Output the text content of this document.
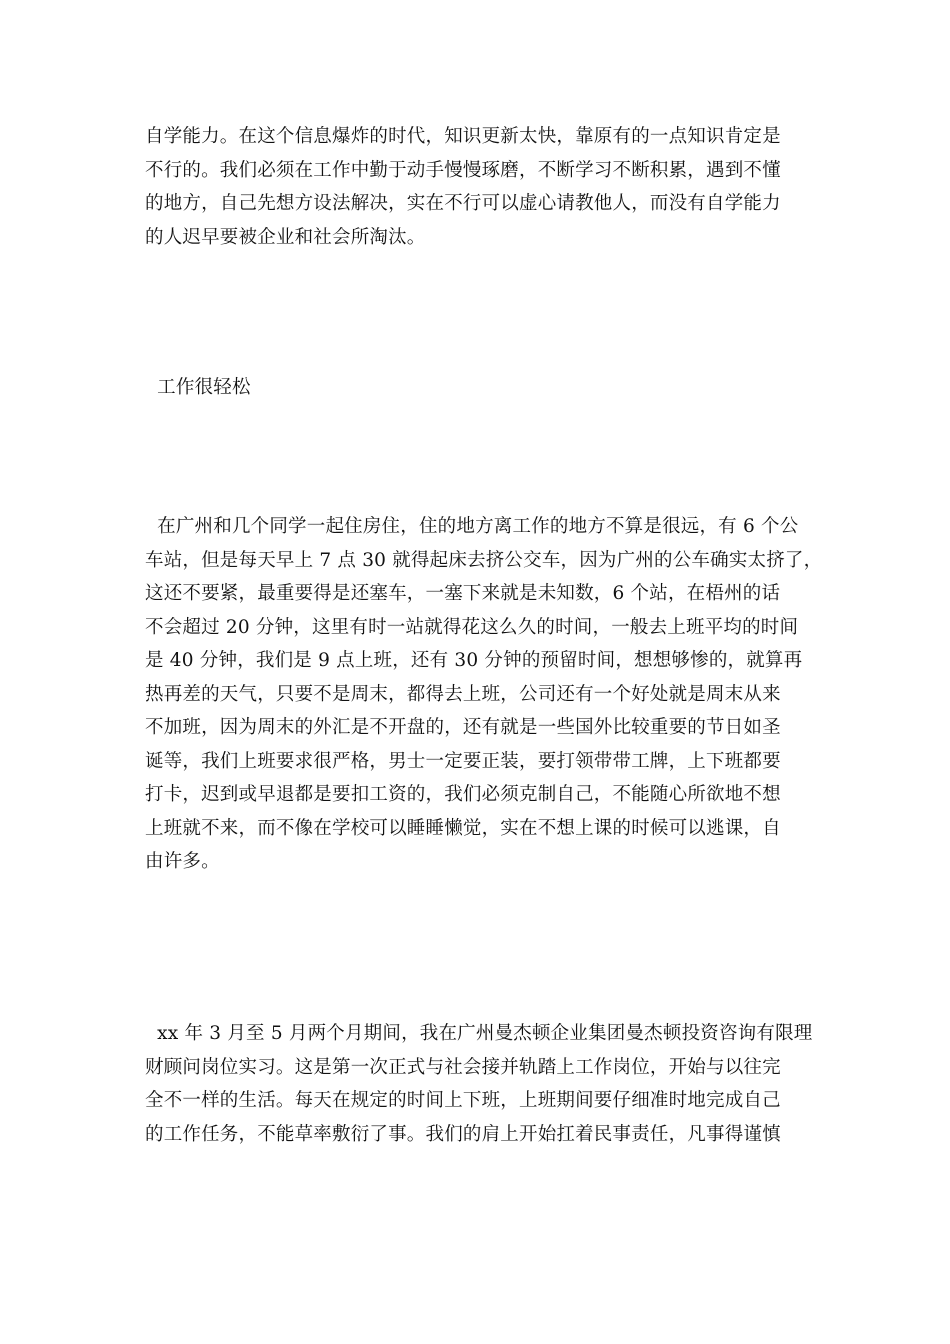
自学能力。在这个信息爆炸的时代，知识更新太快，靠原有的一点知识肯定是
不行的。我们必须在工作中勤于动手慢慢琢磨，不断学习不断积累，遇到不懂
的地方，自己先想方设法解决，实在不行可以虚心请教他人，而没有自学能力
的人迟早要被企业和社会所淘汰。
工作很轻松
在广州和几个同学一起住房住，住的地方离工作的地方不算是很远，有 6 个公
车站，但是每天早上 7 点 30 就得起床去挤公交车，因为广州的公车确实太挤了，
这还不要紧，最重要得是还塞车，一塞下来就是未知数，6 个站，在梧州的话
不会超过 20 分钟，这里有时一站就得花这么久的时间，一般去上班平均的时间
是 40 分钟，我们是 9 点上班，还有 30 分钟的预留时间，想想够惨的，就算再
热再差的天气，只要不是周末，都得去上班，公司还有一个好处就是周末从来
不加班，因为周末的外汇是不开盘的，还有就是一些国外比较重要的节日如圣
诞等，我们上班要求很严格，男士一定要正装，要打领带带工牌，上下班都要
打卡，迟到或早退都是要扣工资的，我们必须克制自己，不能随心所欲地不想
上班就不来，而不像在学校可以睡睡懒觉，实在不想上课的时候可以逃课，自
由许多。
xx 年 3 月至 5 月两个月期间，我在广州曼杰顿企业集团曼杰顿投资咨询有限理
财顾问岗位实习。这是第一次正式与社会接并轨踏上工作岗位，开始与以往完
全不一样的生活。每天在规定的时间上下班，上班期间要仔细准时地完成自己
的工作任务，不能草率敷衍了事。我们的肩上开始扛着民事责任，凡事得谨慎
